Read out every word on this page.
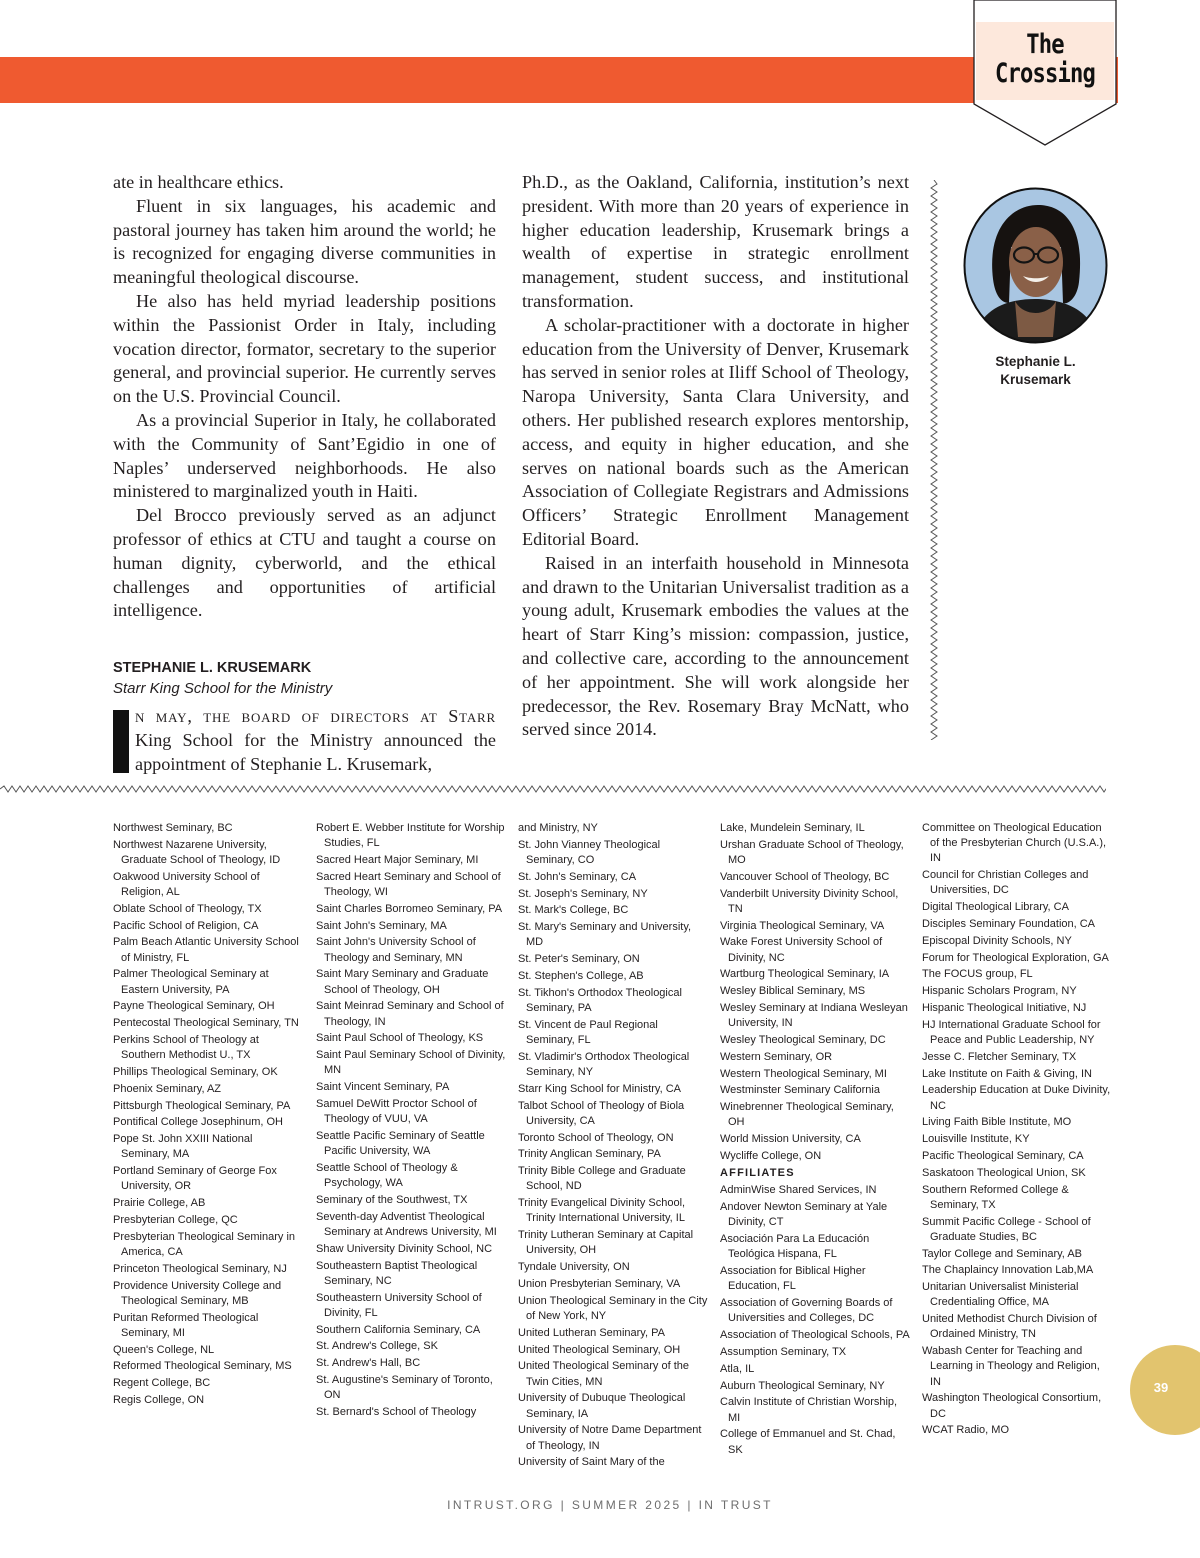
The
Crossing

ate in healthcare ethics.

Fluent in six languages, his academic and pastoral journey has taken him around the world; he is recognized for engaging diverse communities in meaningful theological discourse.

He also has held myriad leadership positions within the Passionist Order in Italy, including vocation director, formator, secretary to the superior general, and provincial superior. He currently serves on the U.S. Provincial Council.

As a provincial Superior in Italy, he collaborated with the Community of Sant’Egidio in one of Naples’ underserved neighborhoods. He also ministered to marginalized youth in Haiti.

Del Brocco previously served as an adjunct professor of ethics at CTU and taught a course on human dignity, cyberworld, and the ethical challenges and opportunities of artificial intelligence.

STEPHANIE L. KRUSEMARK
Starr King School for the Ministry

n may, the board of directors at Starr King School for the Ministry announced the appointment of Stephanie L. Krusemark,

Ph.D., as the Oakland, California, institution’s next president. With more than 20 years of experience in higher education leadership, Krusemark brings a wealth of expertise in strategic enrollment management, student success, and institutional transformation.

A scholar-practitioner with a doctorate in higher education from the University of Denver, Krusemark has served in senior roles at Iliff School of Theology, Naropa University, Santa Clara University, and others. Her published research explores mentorship, access, and equity in higher education, and she serves on national boards such as the American Association of Collegiate Registrars and Admissions Officers’ Strategic Enrollment Management Editorial Board.

Raised in an interfaith household in Minnesota and drawn to the Unitarian Universalist tradition as a young adult, Krusemark embodies the values at the heart of Starr King’s mission: compassion, justice, and collective care, according to the announcement of her appointment. She will work alongside her predecessor, the Rev. Rosemary Bray McNatt, who served since 2014.

Stephanie L.
Krusemark
Northwest Seminary, BC
Northwest Nazarene University, Graduate School of Theology, ID
Oakwood University School of Religion, AL
Oblate School of Theology, TX
Pacific School of Religion, CA
Palm Beach Atlantic University School of Ministry, FL
Palmer Theological Seminary at Eastern University, PA
Payne Theological Seminary, OH
Pentecostal Theological Seminary, TN
Perkins School of Theology at Southern Methodist U., TX
Phillips Theological Seminary, OK
Phoenix Seminary, AZ
Pittsburgh Theological Seminary, PA
Pontifical College Josephinum, OH
Pope St. John XXIII National Seminary, MA
Portland Seminary of George Fox University, OR
Prairie College, AB
Presbyterian College, QC
Presbyterian Theological Seminary in America, CA
Princeton Theological Seminary, NJ
Providence University College and Theological Seminary, MB
Puritan Reformed Theological Seminary, MI
Queen's College, NL
Reformed Theological Seminary, MS
Regent College, BC
Regis College, ON
Robert E. Webber Institute for Worship Studies, FL
Sacred Heart Major Seminary, MI
Sacred Heart Seminary and School of Theology, WI
Saint Charles Borromeo Seminary, PA
Saint John's Seminary, MA
Saint John's University School of Theology and Seminary, MN
Saint Mary Seminary and Graduate School of Theology, OH
Saint Meinrad Seminary and School of Theology, IN
Saint Paul School of Theology, KS
Saint Paul Seminary School of Divinity, MN
Saint Vincent Seminary, PA
Samuel DeWitt Proctor School of Theology of VUU, VA
Seattle Pacific Seminary of Seattle Pacific University, WA
Seattle School of Theology & Psychology, WA
Seminary of the Southwest, TX
Seventh-day Adventist Theological Seminary at Andrews University, MI
Shaw University Divinity School, NC
Southeastern Baptist Theological Seminary, NC
Southeastern University School of Divinity, FL
Southern California Seminary, CA
St. Andrew's College, SK
St. Andrew's Hall, BC
St. Augustine's Seminary of Toronto, ON
St. Bernard's School of Theology
and Ministry, NY
St. John Vianney Theological Seminary, CO
St. John's Seminary, CA
St. Joseph's Seminary, NY
St. Mark's College, BC
St. Mary's Seminary and University, MD
St. Peter's Seminary, ON
St. Stephen's College, AB
St. Tikhon's Orthodox Theological Seminary, PA
St. Vincent de Paul Regional Seminary, FL
St. Vladimir's Orthodox Theological Seminary, NY
Starr King School for Ministry, CA
Talbot School of Theology of Biola University, CA
Toronto School of Theology, ON
Trinity Anglican Seminary, PA
Trinity Bible College and Graduate School, ND
Trinity Evangelical Divinity School, Trinity International University, IL
Trinity Lutheran Seminary at Capital University, OH
Tyndale University, ON
Union Presbyterian Seminary, VA
Union Theological Seminary in the City of New York, NY
United Lutheran Seminary, PA
United Theological Seminary, OH
United Theological Seminary of the Twin Cities, MN
University of Dubuque Theological Seminary, IA
University of Notre Dame Department of Theology, IN
University of Saint Mary of the
Lake, Mundelein Seminary, IL
Urshan Graduate School of Theology, MO
Vancouver School of Theology, BC
Vanderbilt University Divinity School, TN
Virginia Theological Seminary, VA
Wake Forest University School of Divinity, NC
Wartburg Theological Seminary, IA
Wesley Biblical Seminary, MS
Wesley Seminary at Indiana Wesleyan University, IN
Wesley Theological Seminary, DC
Western Seminary, OR
Western Theological Seminary, MI
Westminster Seminary California
Winebrenner Theological Seminary, OH
World Mission University, CA
Wycliffe College, ON
AFFILIATES
AdminWise Shared Services, IN
Andover Newton Seminary at Yale Divinity, CT
Asociación Para La Educación Teológica Hispana, FL
Association for Biblical Higher Education, FL
Association of Governing Boards of Universities and Colleges, DC
Association of Theological Schools, PA
Assumption Seminary, TX
Atla, IL
Auburn Theological Seminary, NY
Calvin Institute of Christian Worship, MI
College of Emmanuel and St. Chad, SK
Committee on Theological Education of the Presbyterian Church (U.S.A.), IN
Council for Christian Colleges and Universities, DC
Digital Theological Library, CA
Disciples Seminary Foundation, CA
Episcopal Divinity Schools, NY
Forum for Theological Exploration, GA
The FOCUS group, FL
Hispanic Scholars Program, NY
Hispanic Theological Initiative, NJ
HJ International Graduate School for Peace and Public Leadership, NY
Jesse C. Fletcher Seminary, TX
Lake Institute on Faith & Giving, IN
Leadership Education at Duke Divinity, NC
Living Faith Bible Institute, MO
Louisville Institute, KY
Pacific Theological Seminary, CA
Saskatoon Theological Union, SK
Southern Reformed College & Seminary, TX
Summit Pacific College - School of Graduate Studies, BC
Taylor College and Seminary, AB
The Chaplaincy Innovation Lab,MA
Unitarian Universalist Ministerial Credentialing Office, MA
United Methodist Church Division of Ordained Ministry, TN
Wabash Center for Teaching and Learning in Theology and Religion, IN
Washington Theological Consortium, DC
WCAT Radio, MO
39
INTRUST.ORG | SUMMER 2025 | IN TRUST
